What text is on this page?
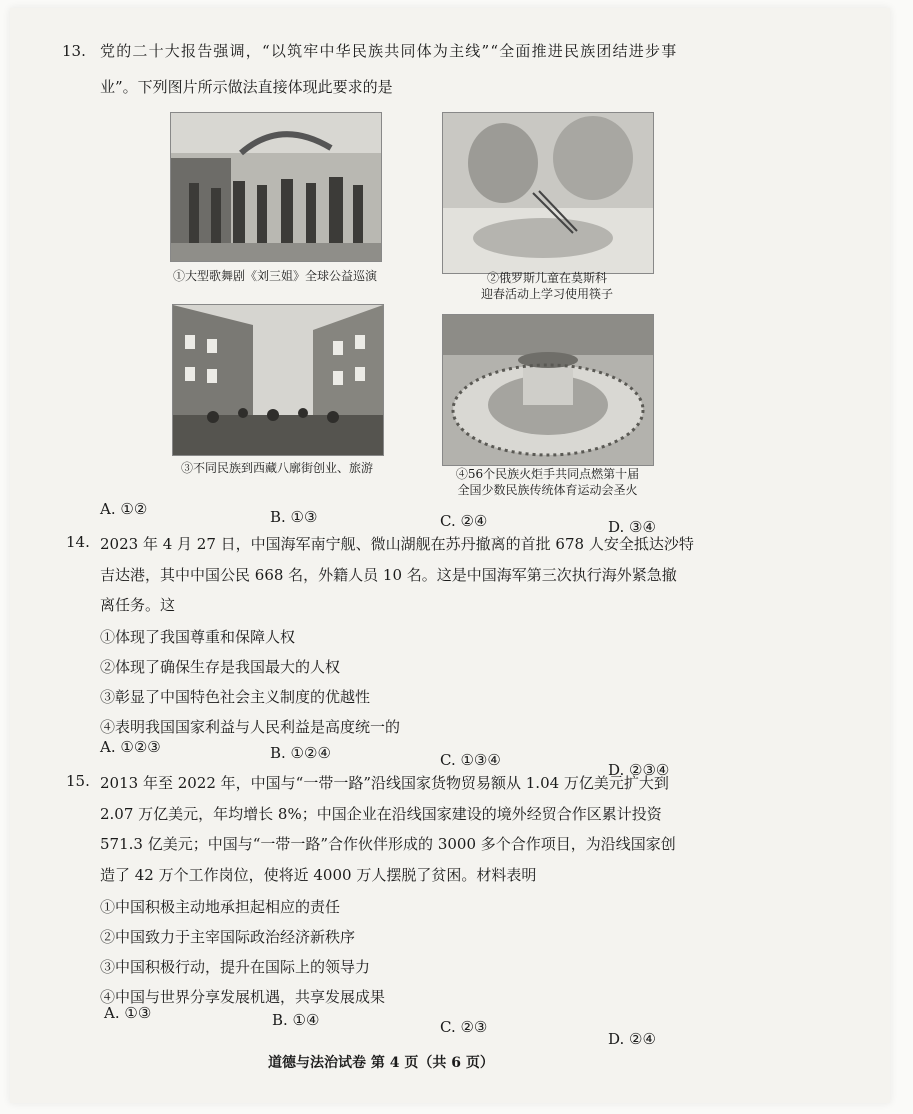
13. 党的二十大报告强调，“以筑牢中华民族共同体为主线”“全面推进民族团结进步事
业”。下列图片所示做法直接体现此要求的是
①大型歌舞剧《刘三姐》全球公益巡演	②俄罗斯儿童在莫斯科
迎春活动上学习使用筷子
③不同民族到西藏八廓街创业、旅游	④56个民族火炬手共同点燃第十届
全国少数民族传统体育运动会圣火
A. ①②	B. ①③	C. ②④	D. ③④
14. 2023 年 4 月 27 日，中国海军南宁舰、微山湖舰在苏丹撤离的首批 678 人安全抵达沙特
吉达港，其中中国公民 668 名，外籍人员 10 名。这是中国海军第三次执行海外紧急撤
离任务。这
①体现了我国尊重和保障人权
②体现了确保生存是我国最大的人权
③彰显了中国特色社会主义制度的优越性
④表明我国国家利益与人民利益是高度统一的
A. ①②③	B. ①②④	C. ①③④
D. ②③④
15. 2013 年至 2022 年，中国与“一带一路”沿线国家货物贸易额从 1.04 万亿美元扩大到
2.07 万亿美元，年均增长 8%；中国企业在沿线国家建设的境外经贸合作区累计投资
571.3 亿美元；中国与“一带一路”合作伙伴形成的 3000 多个合作项目，为沿线国家创
造了 42 万个工作岗位，使将近 4000 万人摆脱了贫困。材料表明
①中国积极主动地承担起相应的责任
②中国致力于主宰国际政治经济新秩序
③中国积极行动，提升在国际上的领导力
④中国与世界分享发展机遇，共享发展成果
A. ①③	B. ①④	C. ②③
D. ②④
道德与法治试卷 第 4 页（共 6 页）
